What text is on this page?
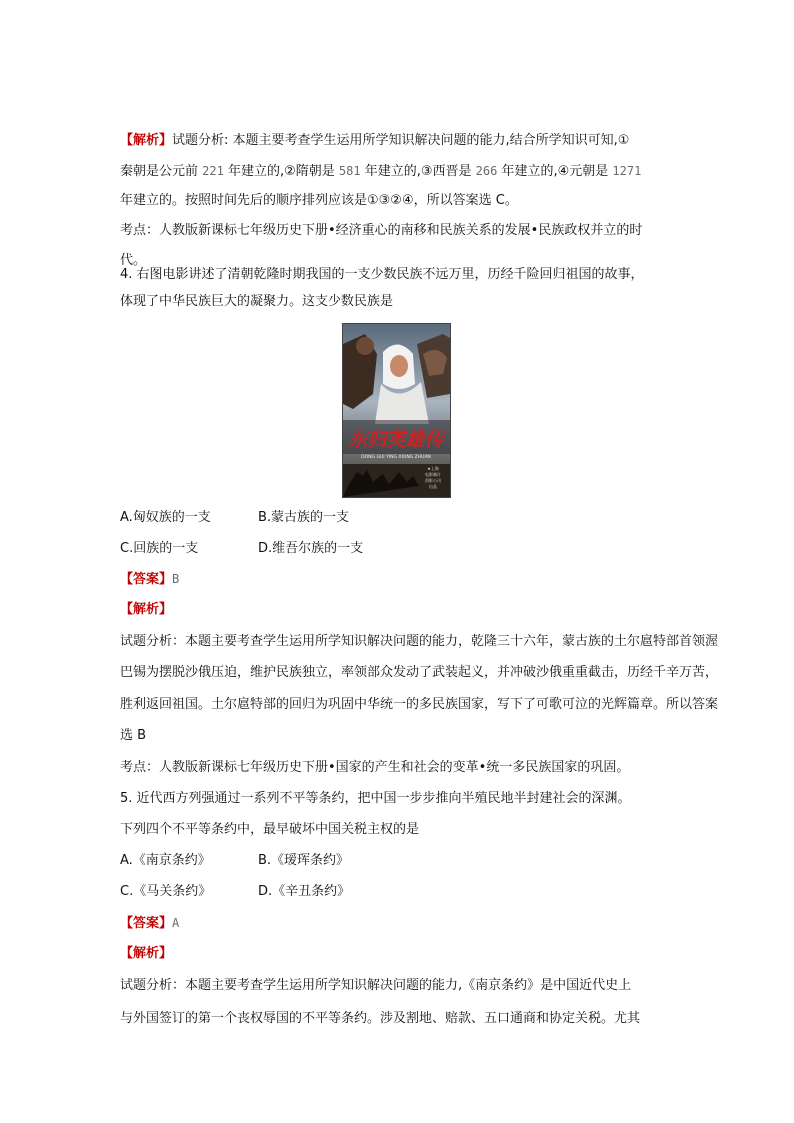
【解析】试题分析: 本题主要考查学生运用所学知识解决问题的能力,结合所学知识可知,①
秦朝是公元前 221 年建立的,②隋朝是 581 年建立的,③西晋是 266 年建立的,④元朝是 1271
年建立的。按照时间先后的顺序排列应该是①③②④，所以答案选 C。
考点：人教版新课标七年级历史下册•经济重心的南移和民族关系的发展•民族政权并立的时
代。
4. 右图电影讲述了清朝乾隆时期我国的一支少数民族不远万里，历经千险回归祖国的故事，
体现了中华民族巨大的凝聚力。这支少数民族是
东归英雄传
DONG GUI YING XIONG ZHUAN
★上海
电影制片
西影公司
出品
A.匈奴族的一支	B.蒙古族的一支
C.回族的一支	D.维吾尔族的一支
【答案】B
【解析】
试题分析：本题主要考查学生运用所学知识解决问题的能力，乾隆三十六年，蒙古族的土尔扈特部首领渥
巴锡为摆脱沙俄压迫，维护民族独立，率领部众发动了武装起义，并冲破沙俄重重截击，历经千辛万苦，
胜利返回祖国。土尔扈特部的回归为巩固中华统一的多民族国家，写下了可歌可泣的光辉篇章。所以答案
选 B
考点：人教版新课标七年级历史下册•国家的产生和社会的变革•统一多民族国家的巩固。
5. 近代西方列强通过一系列不平等条约，把中国一步步推向半殖民地半封建社会的深渊。
下列四个不平等条约中，最早破坏中国关税主权的是
A.《南京条约》	B.《瑷珲条约》
C.《马关条约》	D.《辛丑条约》
【答案】A
【解析】
试题分析：本题主要考查学生运用所学知识解决问题的能力,《南京条约》是中国近代史上
与外国签订的第一个丧权辱国的不平等条约。涉及割地、赔款、五口通商和协定关税。尤其
